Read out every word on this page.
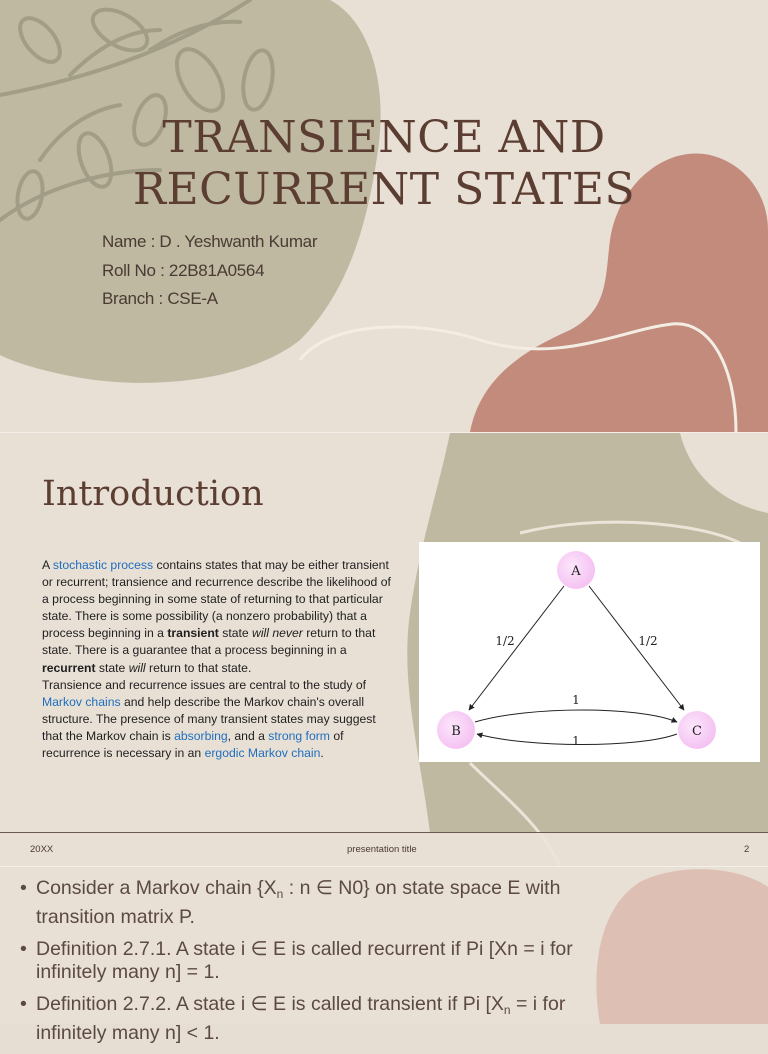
TRANSIENCE AND
RECURRENT STATES
Name : D . Yeshwanth Kumar
Roll No : 22B81A0564
Branch : CSE-A
Introduction

A stochastic process contains states that may be either transient or recurrent; transience and recurrence describe the likelihood of a process beginning in some state of returning to that particular state. There is some possibility (a nonzero probability) that a process beginning in a transient state will never return to that state. There is a guarantee that a process beginning in a recurrent state will return to that state.
Transience and recurrence issues are central to the study of Markov chains and help describe the Markov chain's overall structure. The presence of many transient states may suggest that the Markov chain is absorbing, and a strong form of recurrence is necessary in an ergodic Markov chain.

A
B	C
1/2	1/2
1
1
20XX	presentation title	2
• Consider a Markov chain {$X_n$ : n ∈ N0} on state space E with transition matrix P.
• Definition 2.7.1. A state i ∈ E is called recurrent if Pi [Xn = i for infinitely many n] = 1.
• Definition 2.7.2. A state i ∈ E is called transient if Pi [$X_n = i$ for infinitely many n] < 1.
